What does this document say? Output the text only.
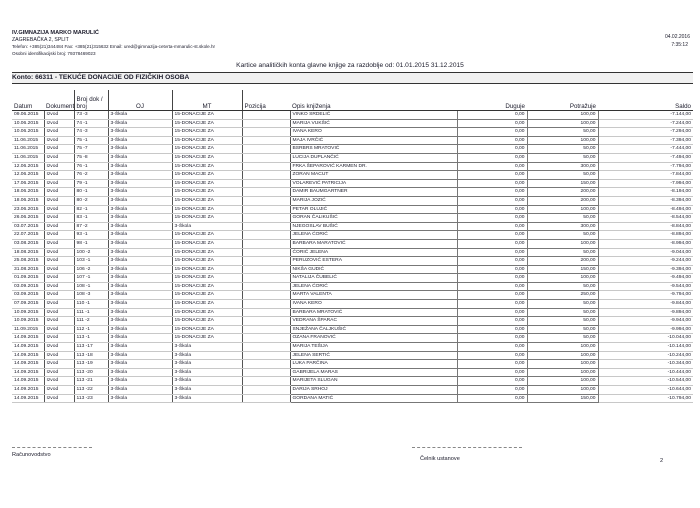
IV.GIMNAZIJA MARKO MARULIĆ
ZAGREBAČKA 2, SPLIT
Telefon: +385(21)344484 Fax: +385(21)315632 Email: ured@gimnazija-cetvrta-mmarulic-st.skole.hr
Osobni identifikacijski broj: 79378469023
04.02.2016
7:35:12
Kartice analitičkih konta glavne knjige za razdoblje od: 01.01.2015 31.12.2015
Konto: 66311 - TEKUĆE DONACIJE OD FIZIČKIH OSOBA
Datum	Dokument	Broj dok / broj	OJ	MT	Pozicija	Opis knjiženja	Duguje	Potražuje	Saldo
09.06.2015	Izvod	73 -3	3-Škola	15-DONACIJE ZA		VINKO SRDELIĆ	0,00	100,00	-7.144,00
10.06.2015	Izvod	74 -1	3-Škola	15-DONACIJE ZA		MARIJA VUKŠIĆ	0,00	100,00	-7.244,00
10.06.2015	Izvod	74 -3	3-Škola	15-DONACIJE ZA		IVANA KERO	0,00	50,00	-7.294,00
11.06.2015	Izvod	75 -1	3-Škola	15-DONACIJE ZA		MAJA IVRČIĆ	0,00	100,00	-7.394,00
11.06.2015	Izvod	75 -7	3-Škola	15-DONACIJE ZA		BSRBRS MRATOVIĆ	0,00	50,00	-7.444,00
11.06.2015	Izvod	75 -8	3-Škola	15-DONACIJE ZA		LUCIJA DUPLANČIĆ	0,00	50,00	-7.494,00
12.06.2015	Izvod	76 -1	3-Škola	15-DONACIJE ZA		FRKA ŠEPAROVIĆ KARMEN DR.	0,00	300,00	-7.794,00
12.06.2015	Izvod	76 -2	3-Škola	15-DONACIJE ZA		ZORAN MACUT	0,00	50,00	-7.844,00
17.06.2015	Izvod	79 -1	3-Škola	15-DONACIJE ZA		VOLAREVIĆ PATRICIJA	0,00	150,00	-7.994,00
18.06.2015	Izvod	80 -1	3-Škola	15-DONACIJE ZA		DAMIR BAUMGARTNER	0,00	200,00	-8.194,00
18.06.2015	Izvod	80 -2	3-Škola	15-DONACIJE ZA		MARIJA JOZIĆ	0,00	200,00	-8.394,00
23.06.2015	Izvod	82 -1	3-Škola	15-DONACIJE ZA		PETAR OLUJIĆ	0,00	100,00	-8.494,00
26.06.2015	Izvod	83 -1	3-Škola	15-DONACIJE ZA		GORAN ČALIKUŠIĆ	0,00	50,00	-8.544,00
03.07.2015	Izvod	87 -2	3-Škola	3-Škola		NJEGOSLAV BUŠIĆ	0,00	300,00	-8.844,00
22.07.2015	Izvod	93 -1	3-Škola	15-DONACIJE ZA		JELENA ĆORIĆ	0,00	50,00	-8.894,00
03.08.2015	Izvod	98 -1	3-Škola	15-DONACIJE ZA		BARBARA MARATOVIĆ	0,00	100,00	-8.994,00
18.08.2015	Izvod	100 -2	3-Škola	15-DONACIJE ZA		ĆORIĆ JELENA	0,00	50,00	-9.044,00
25.08.2015	Izvod	103 -1	3-Škola	15-DONACIJE ZA		PERUZOVIĆ ESTERA	0,00	200,00	-9.244,00
31.08.2015	Izvod	106 -2	3-Škola	15-DONACIJE ZA		NIKŠA GUDIĆ	0,00	150,00	-9.394,00
01.09.2015	Izvod	107 -1	3-Škola	15-DONACIJE ZA		NATALIJA ČUBELIĆ	0,00	100,00	-9.494,00
03.09.2015	Izvod	108 -1	3-Škola	15-DONACIJE ZA		JELENA ĆORIĆ	0,00	50,00	-9.544,00
03.09.2015	Izvod	108 -3	3-Škola	15-DONACIJE ZA		MARTA VALENTA	0,00	250,00	-9.794,00
07.09.2015	Izvod	110 -1	3-Škola	15-DONACIJE ZA		IVANA KERO	0,00	50,00	-9.844,00
10.09.2015	Izvod	111 -1	3-Škola	15-DONACIJE ZA		BARBARA MRATOVIĆ	0,00	50,00	-9.894,00
10.09.2015	Izvod	111 -2	3-Škola	15-DONACIJE ZA		VEDRANA ŠPARAC	0,00	50,00	-9.944,00
11.09.2015	Izvod	112 -1	3-Škola	15-DONACIJE ZA		SNJEŽANA ČALJKUŠIĆ	0,00	50,00	-9.994,00
14.09.2015	Izvod	113 -1	3-Škola	15-DONACIJE ZA		OZANA FRANOVIĆ	0,00	50,00	-10.044,00
14.09.2015	Izvod	113 -17	3-Škola	3-Škola		MARIJA TEŠIJA	0,00	100,00	-10.144,00
14.09.2015	Izvod	113 -18	3-Škola	3-Škola		JELENA SERTIĆ	0,00	100,00	-10.244,00
14.09.2015	Izvod	113 -19	3-Škola	3-Škola		LUKA PARČINA	0,00	100,00	-10.344,00
14.09.2015	Izvod	113 -20	3-Škola	3-Škola		GABRIJELA MARAS	0,00	100,00	-10.444,00
14.09.2015	Izvod	113 -21	3-Škola	3-Škola		MARIJETA SLUGAN	0,00	100,00	-10.544,00
14.09.2015	Izvod	113 -22	3-Škola	3-Škola		DARIJA SRHOJ	0,00	100,00	-10.644,00
14.09.2015	Izvod	113 -23	3-Škola	3-Škola		GORDANA MATIĆ	0,00	150,00	-10.794,00
Računovodstvo
Čelnik ustanove	2
